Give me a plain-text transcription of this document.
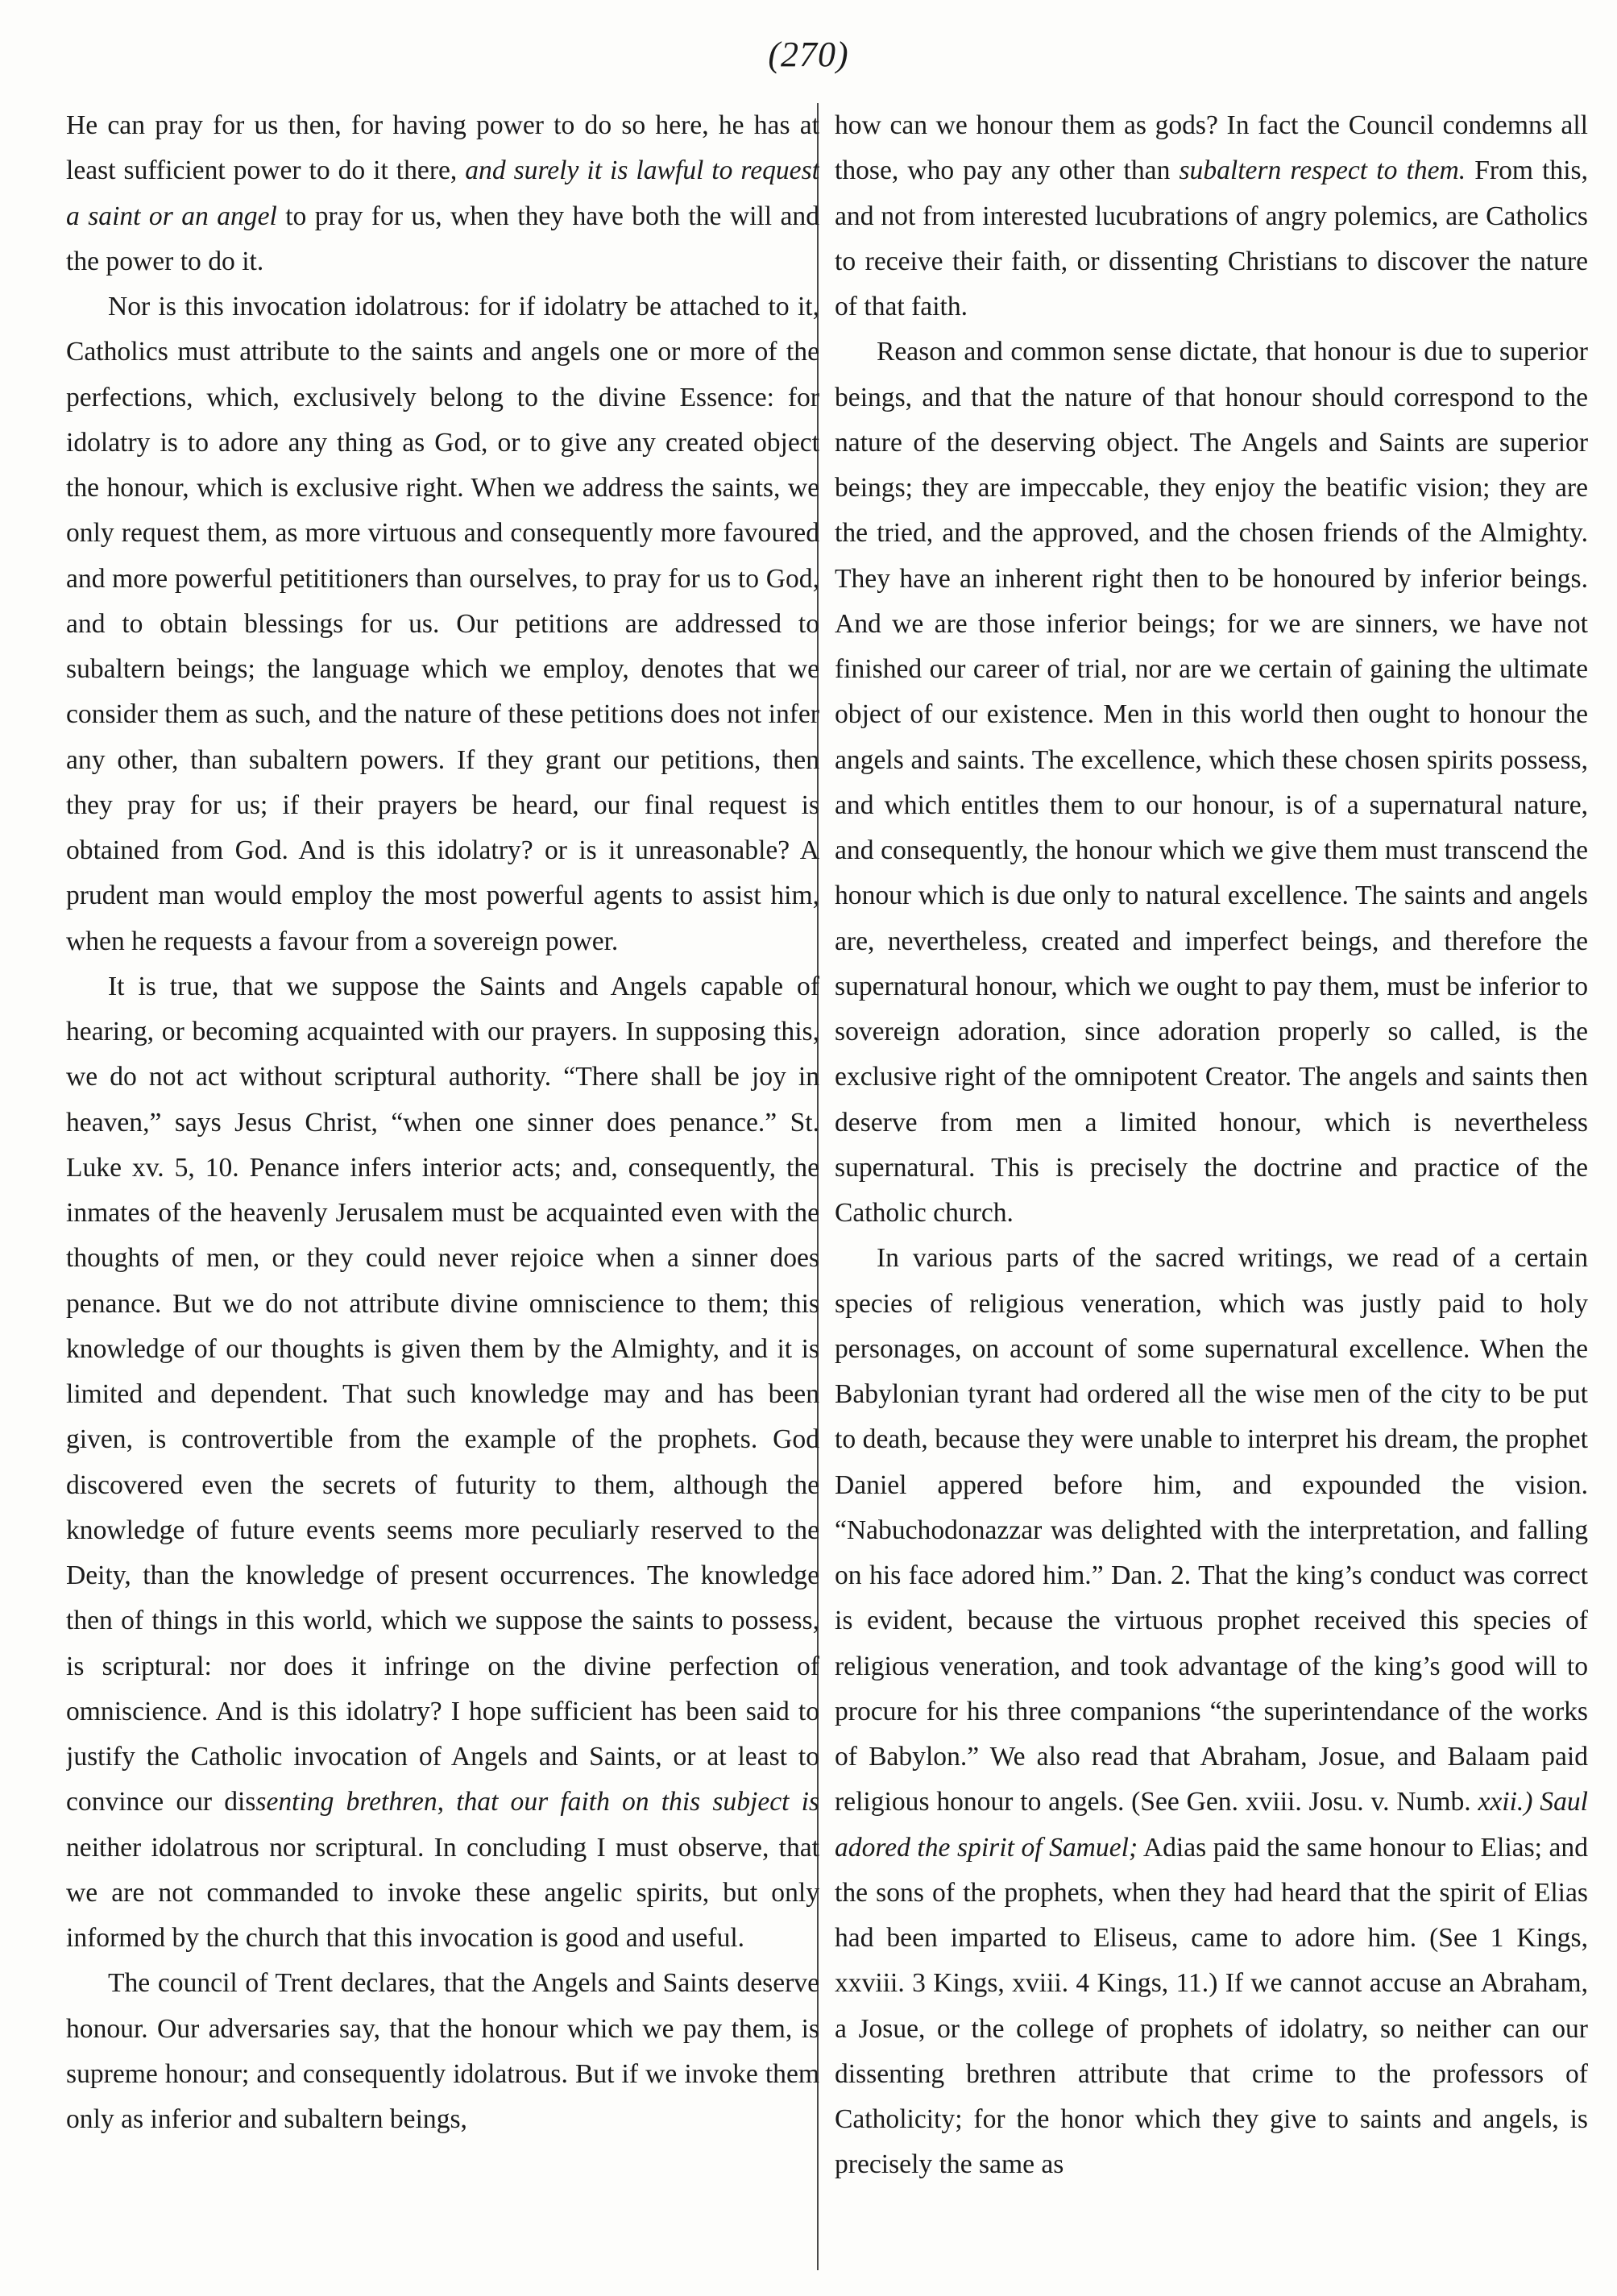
(270)

He can pray for us then, for having power to do so here, he has at least sufficient power to do it there, and surely it is lawful to request a saint or an angel to pray for us, when they have both the will and the power to do it.

Nor is this invocation idolatrous: for if idolatry be attached to it, Catholics must attribute to the saints and angels one or more of the perfections, which, exclusively belong to the divine Essence: for idolatry is to adore any thing as God, or to give any created object the honour, which is exclusive right. When we address the saints, we only request them, as more virtuous and consequently more favoured and more powerful petititioners than ourselves, to pray for us to God, and to obtain blessings for us. Our petitions are addressed to subaltern beings; the language which we employ, denotes that we consider them as such, and the nature of these petitions does not infer any other, than subaltern powers. If they grant our petitions, then they pray for us; if their prayers be heard, our final request is obtained from God. And is this idolatry? or is it unreasonable? A prudent man would employ the most powerful agents to assist him, when he requests a favour from a sovereign power.

It is true, that we suppose the Saints and Angels capable of hearing, or becoming acquainted with our prayers. In supposing this, we do not act without scriptural authority. “There shall be joy in heaven,” says Jesus Christ, “when one sinner does penance.” St. Luke xv. 5, 10. Penance infers interior acts; and, consequently, the inmates of the heavenly Jerusalem must be acquainted even with the thoughts of men, or they could never rejoice when a sinner does penance. But we do not attribute divine omniscience to them; this knowledge of our thoughts is given them by the Almighty, and it is limited and dependent. That such knowledge may and has been given, is controvertible from the example of the prophets. God discovered even the secrets of futurity to them, although the knowledge of future events seems more peculiarly reserved to the Deity, than the knowledge of present occurrences. The knowledge then of things in this world, which we suppose the saints to possess, is scriptural: nor does it infringe on the divine perfection of omniscience. And is this idolatry? I hope sufficient has been said to justify the Catholic invocation of Angels and Saints, or at least to convince our dissenting brethren, that our faith on this subject is neither idolatrous nor scriptural. In concluding I must observe, that we are not commanded to invoke these angelic spirits, but only informed by the church that this invocation is good and useful.

The council of Trent declares, that the Angels and Saints deserve honour. Our adversaries say, that the honour which we pay them, is supreme honour; and consequently idolatrous. But if we invoke them only as inferior and subaltern beings,

how can we honour them as gods? In fact the Council condemns all those, who pay any other than subaltern respect to them. From this, and not from interested lucubrations of angry polemics, are Catholics to receive their faith, or dissenting Christians to discover the nature of that faith.

Reason and common sense dictate, that honour is due to superior beings, and that the nature of that honour should correspond to the nature of the deserving object. The Angels and Saints are superior beings; they are impeccable, they enjoy the beatific vision; they are the tried, and the approved, and the chosen friends of the Almighty. They have an inherent right then to be honoured by inferior beings. And we are those inferior beings; for we are sinners, we have not finished our career of trial, nor are we certain of gaining the ultimate object of our existence. Men in this world then ought to honour the angels and saints. The excellence, which these chosen spirits possess, and which entitles them to our honour, is of a supernatural nature, and consequently, the honour which we give them must transcend the honour which is due only to natural excellence. The saints and angels are, nevertheless, created and imperfect beings, and therefore the supernatural honour, which we ought to pay them, must be inferior to sovereign adoration, since adoration properly so called, is the exclusive right of the omnipotent Creator. The angels and saints then deserve from men a limited honour, which is nevertheless supernatural. This is precisely the doctrine and practice of the Catholic church.

In various parts of the sacred writings, we read of a certain species of religious veneration, which was justly paid to holy personages, on account of some supernatural excellence. When the Babylonian tyrant had ordered all the wise men of the city to be put to death, because they were unable to interpret his dream, the prophet Daniel appered before him, and expounded the vision. “Nabuchodonazzar was delighted with the interpretation, and falling on his face adored him.” Dan. 2. That the king’s conduct was correct is evident, because the virtuous prophet received this species of religious veneration, and took advantage of the king’s good will to procure for his three companions “the superintendance of the works of Babylon.” We also read that Abraham, Josue, and Balaam paid religious honour to angels. (See Gen. xviii. Josu. v. Numb. xxii.) Saul adored the spirit of Samuel; Adias paid the same honour to Elias; and the sons of the prophets, when they had heard that the spirit of Elias had been imparted to Eliseus, came to adore him. (See 1 Kings, xxviii. 3 Kings, xviii. 4 Kings, 11.) If we cannot accuse an Abraham, a Josue, or the college of prophets of idolatry, so neither can our dissenting brethren attribute that crime to the professors of Catholicity; for the honor which they give to saints and angels, is precisely the same as
